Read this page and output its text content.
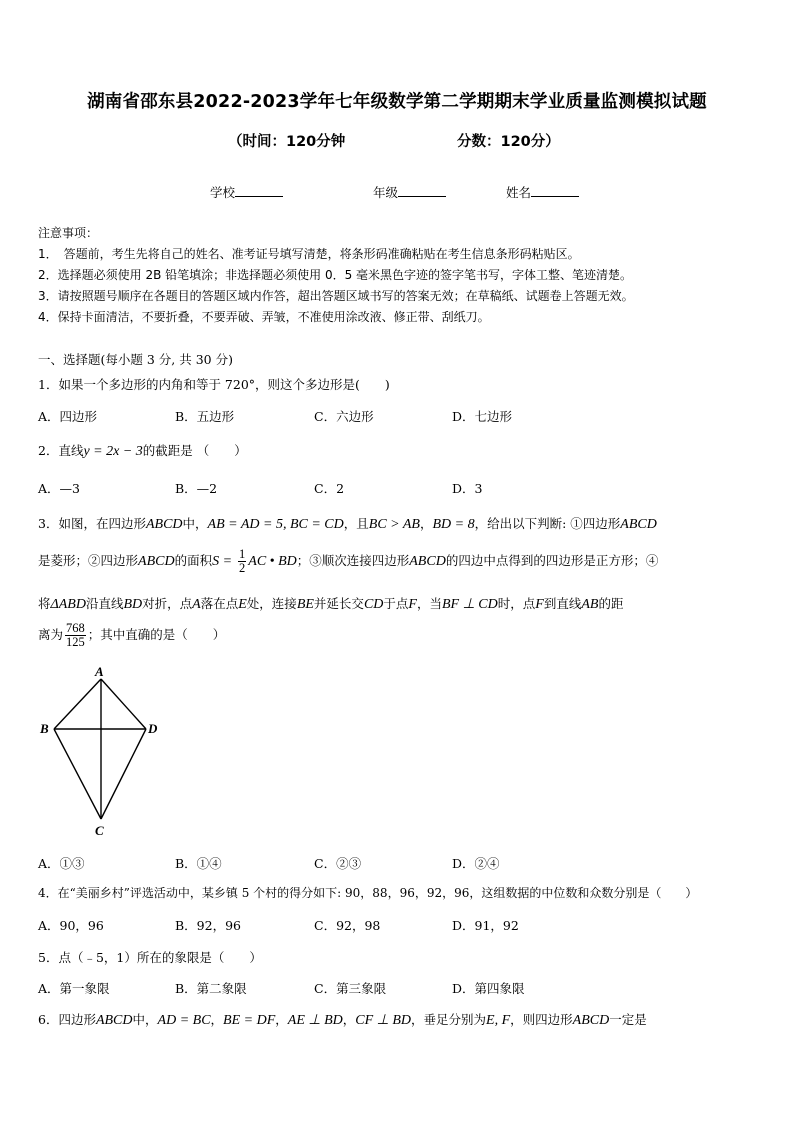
湖南省邵东县2022-2023学年七年级数学第二学期期末学业质量监测模拟试题
（时间：120分钟	分数：120分）
学校	年级	姓名
注意事项：
1．　答题前，考生先将自己的姓名、准考证号填写清楚，将条形码准确粘贴在考生信息条形码粘贴区。
2．选择题必须使用 2B 铅笔填涂；非选择题必须使用 0．5 毫米黑色字迹的签字笔书写，字体工整、笔迹清楚。
3．请按照题号顺序在各题目的答题区域内作答，超出答题区域书写的答案无效；在草稿纸、试题卷上答题无效。
4．保持卡面清洁，不要折叠，不要弄破、弄皱，不准使用涂改液、修正带、刮纸刀。
一、选择题(每小题 3 分, 共 30 分)
1．如果一个多边形的内角和等于 720°，则这个多边形是(　　)
A．四边形	B．五边形	C．六边形	D．七边形
2．直线y = 2x − 3的截距是 （　　）
A．—3	B．—2	C．2	D．3
3．如图，在四边形ABCD中，AB = AD = 5, BC = CD，且BC > AB，BD = 8，给出以下判断: ①四边形ABCD
是菱形；②四边形ABCD的面积$S = \frac{1}{2}$ AC • BD；③顺次连接四边形ABCD的四边中点得到的四边形是正方形；④
将ΔABD沿直线BD对折，点A落在点E处，连接BE并延长交CD于点F，当BF ⊥ CD时，点F到直线AB的距
离为 $\frac{768}{125}$ ；其中直确的是（　　）
A
B	D
C
A．①③	B．①④	C．②③	D．②④
4．在“美丽乡村”评选活动中，某乡镇 5 个村的得分如下: 90，88，96，92，96，这组数据的中位数和众数分别是（　　）
A．90，96	B．92，96	C．92，98	D．91，92
5．点（﹣5，1）所在的象限是（　　）
A．第一象限	B．第二象限	C．第三象限	D．第四象限
6．四边形ABCD中，AD = BC，BE = DF，AE ⊥ BD，CF ⊥ BD，垂足分别为E, F，则四边形ABCD一定是
